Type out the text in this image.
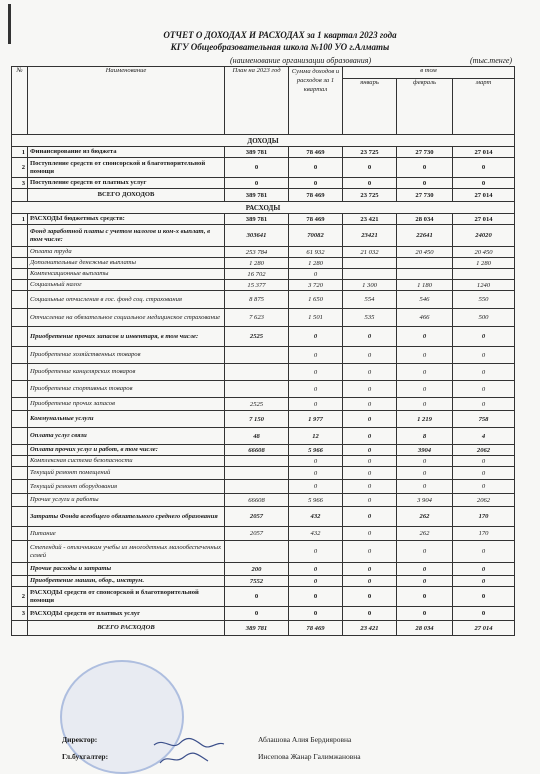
ОТЧЕТ О ДОХОДАХ И РАСХОДАХ за 1 квартал 2023 года
КГУ Общеобразовательная школа №100 УО г.Алматы
(наименование организации образования)	(тыс.тенге)
№	Наименование	План на 2023 год	Сумма доходов и расходов за 1 квартал	в том		
				январь	февраль	март
ДОХОДЫ						
1	Финансирование из бюджета	389 781	78 469	23 725	27 730	27 014
2	Поступление средств от спонсорской и благотворительной помощи	0	0	0	0	0
3	Поступление средств от платных услуг	0	0	0	0	0
	ВСЕГО ДОХОДОВ	389 781	78 469	23 725	27 730	27 014
РАСХОДЫ						
1	РАСХОДЫ бюджетных средств:	389 781	78 469	23 421	28 034	27 014
	Фонд заработной платы с учетом налогов и ком-х выплат, в том числе:	303641	70082	23421	22641	24020
	Оплата труда	253 784	61 932	21 032	20 450	20 450
	Дополнительные денежные выплаты	1 280	1 280			1 280
	Компенсационные выплаты	16 702	0			
	Социальный налог	15 377	3 720	1 300	1 180	1240
	Социальные отчисления в гос. фонд соц. страхования	8 875	1 650	554	546	550
	Отчисление на обязательное социальное медицинское страхование	7 623	1 501	535	466	500
	Приобретение прочих запасов и инвентаря, в том числе:	2525	0	0	0	0
	Приобретение хозяйственных товаров		0	0	0	0
	Приобретение канцелярских товаров		0	0	0	0
	Приобретение спортивных товаров		0	0	0	0
	Приобретение прочих запасов	2525	0	0	0	0
	Коммунальные услуги	7 150	1 977	0	1 219	758
	Оплата услуг связи	48	12	0	8	4
	Оплата прочих услуг и работ, в том числе:	66608	5 966	0	3904	2062
	Комплексная система безопасности		0	0	0	0
	Текущий ремонт помещений		0	0	0	0
	Текущий ремонт оборудования		0	0	0	0
	Прочие услуги и работы	66608	5 966	0	3 904	2062
	Затраты Фонда всеобщего обязательного среднего образования	2057	432	0	262	170
	Питание	2057	432	0	262	170
	Степендий - отличникам учебы из многодетных малообеспеченных семей		0	0	0	0
	Прочие расходы и затраты	200	0	0	0	0
	Приобретение машин, обор., инструм.	7552	0	0	0	0
2	РАСХОДЫ средств от спонсорской и благотворительной помощи	0	0	0	0	0
3	РАСХОДЫ средств от платных услуг	0	0	0	0	0
	ВСЕГО РАСХОДОВ	389 781	78 469	23 421	28 034	27 014
Директор:	Аблашова Алия Бердияровна
Гл.бухгалтер:	Инсепова Жанар Галимжановна
